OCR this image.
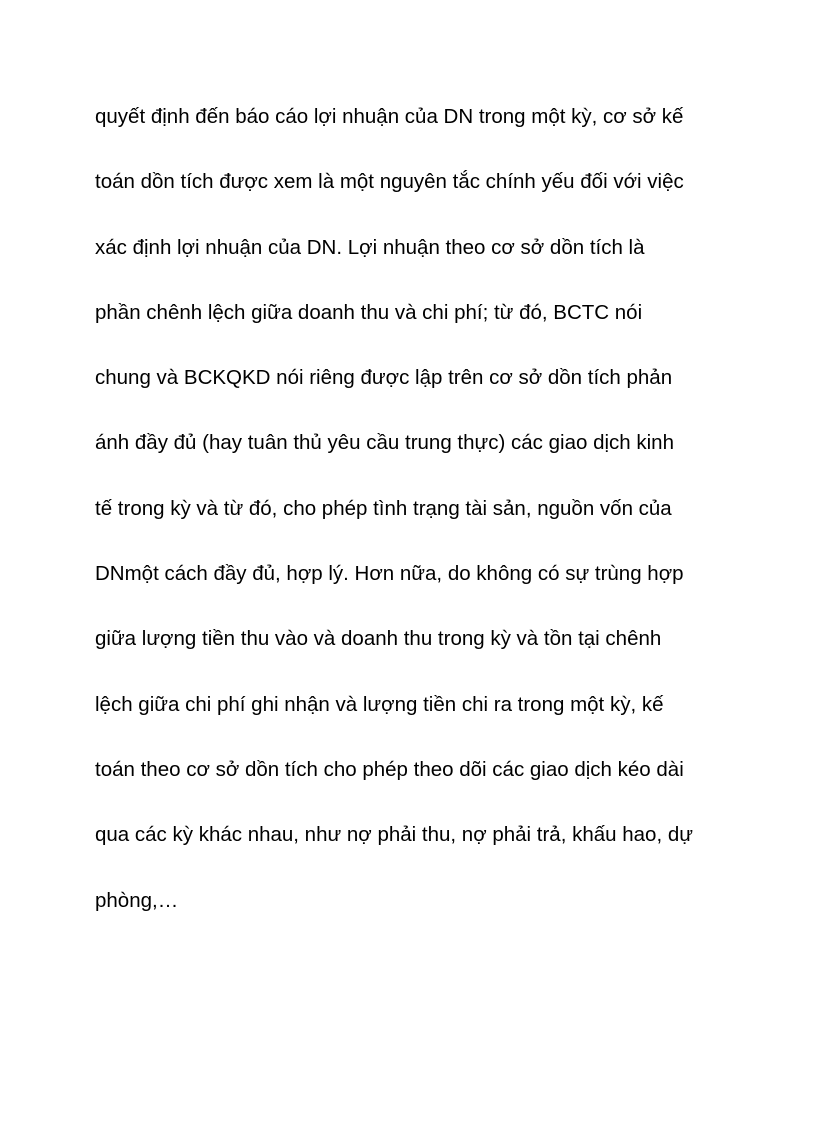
quyết định đến báo cáo lợi nhuận của DN trong một kỳ, cơ sở kế
toán dồn tích được xem là một nguyên tắc chính yếu đối với việc
xác định lợi nhuận của DN. Lợi nhuận theo cơ sở dồn tích là
phần chênh lệch giữa doanh thu và chi phí; từ đó, BCTC nói
chung và BCKQKD nói riêng được lập trên cơ sở dồn tích phản
ánh đầy đủ (hay tuân thủ yêu cầu trung thực) các giao dịch kinh
tế trong kỳ và từ đó, cho phép tình trạng tài sản, nguồn vốn của
DNmột cách đầy đủ, hợp lý. Hơn nữa, do không có sự trùng hợp
giữa lượng tiền thu vào và doanh thu trong kỳ và tồn tại chênh
lệch giữa chi phí ghi nhận và lượng tiền chi ra trong một kỳ, kế
toán theo cơ sở dồn tích cho phép theo dõi các giao dịch kéo dài
qua các kỳ khác nhau, như nợ phải thu, nợ phải trả, khấu hao, dự
phòng,…
